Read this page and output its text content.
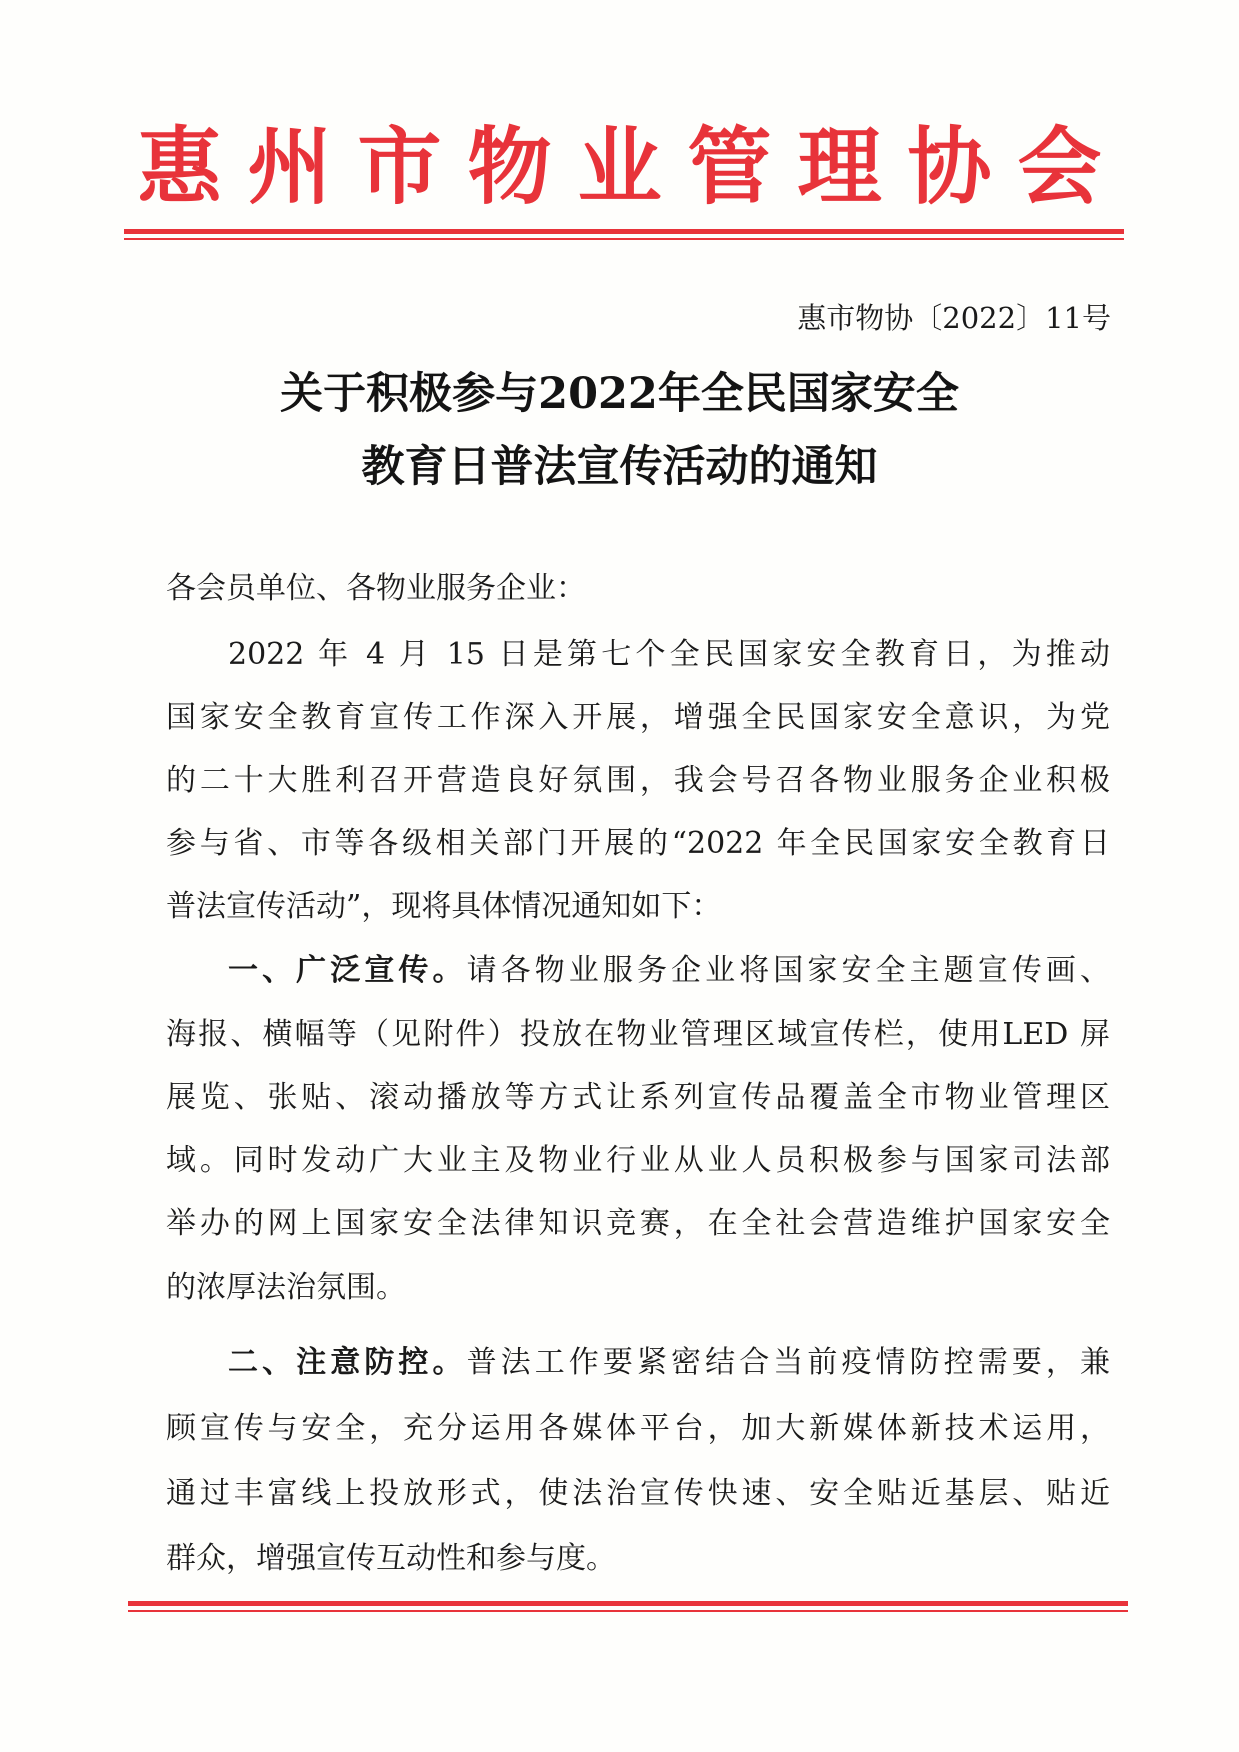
惠州市物业管理协会
惠市物协〔2022〕11号
关于积极参与2022年全民国家安全
教育日普法宣传活动的通知
各会员单位、各物业服务企业：
2022 年 4 月 15 日是第七个全民国家安全教育日，为推动
国家安全教育宣传工作深入开展，增强全民国家安全意识，为党
的二十大胜利召开营造良好氛围，我会号召各物业服务企业积极
参与省、市等各级相关部门开展的“2022 年全民国家安全教育日
普法宣传活动”，现将具体情况通知如下：
一、广泛宣传。请各物业服务企业将国家安全主题宣传画、
海报、横幅等（见附件）投放在物业管理区域宣传栏，使用LED 屏
展览、张贴、滚动播放等方式让系列宣传品覆盖全市物业管理区
域。同时发动广大业主及物业行业从业人员积极参与国家司法部
举办的网上国家安全法律知识竞赛，在全社会营造维护国家安全
的浓厚法治氛围。
二、注意防控。普法工作要紧密结合当前疫情防控需要，兼
顾宣传与安全，充分运用各媒体平台，加大新媒体新技术运用，
通过丰富线上投放形式，使法治宣传快速、安全贴近基层、贴近
群众，增强宣传互动性和参与度。
